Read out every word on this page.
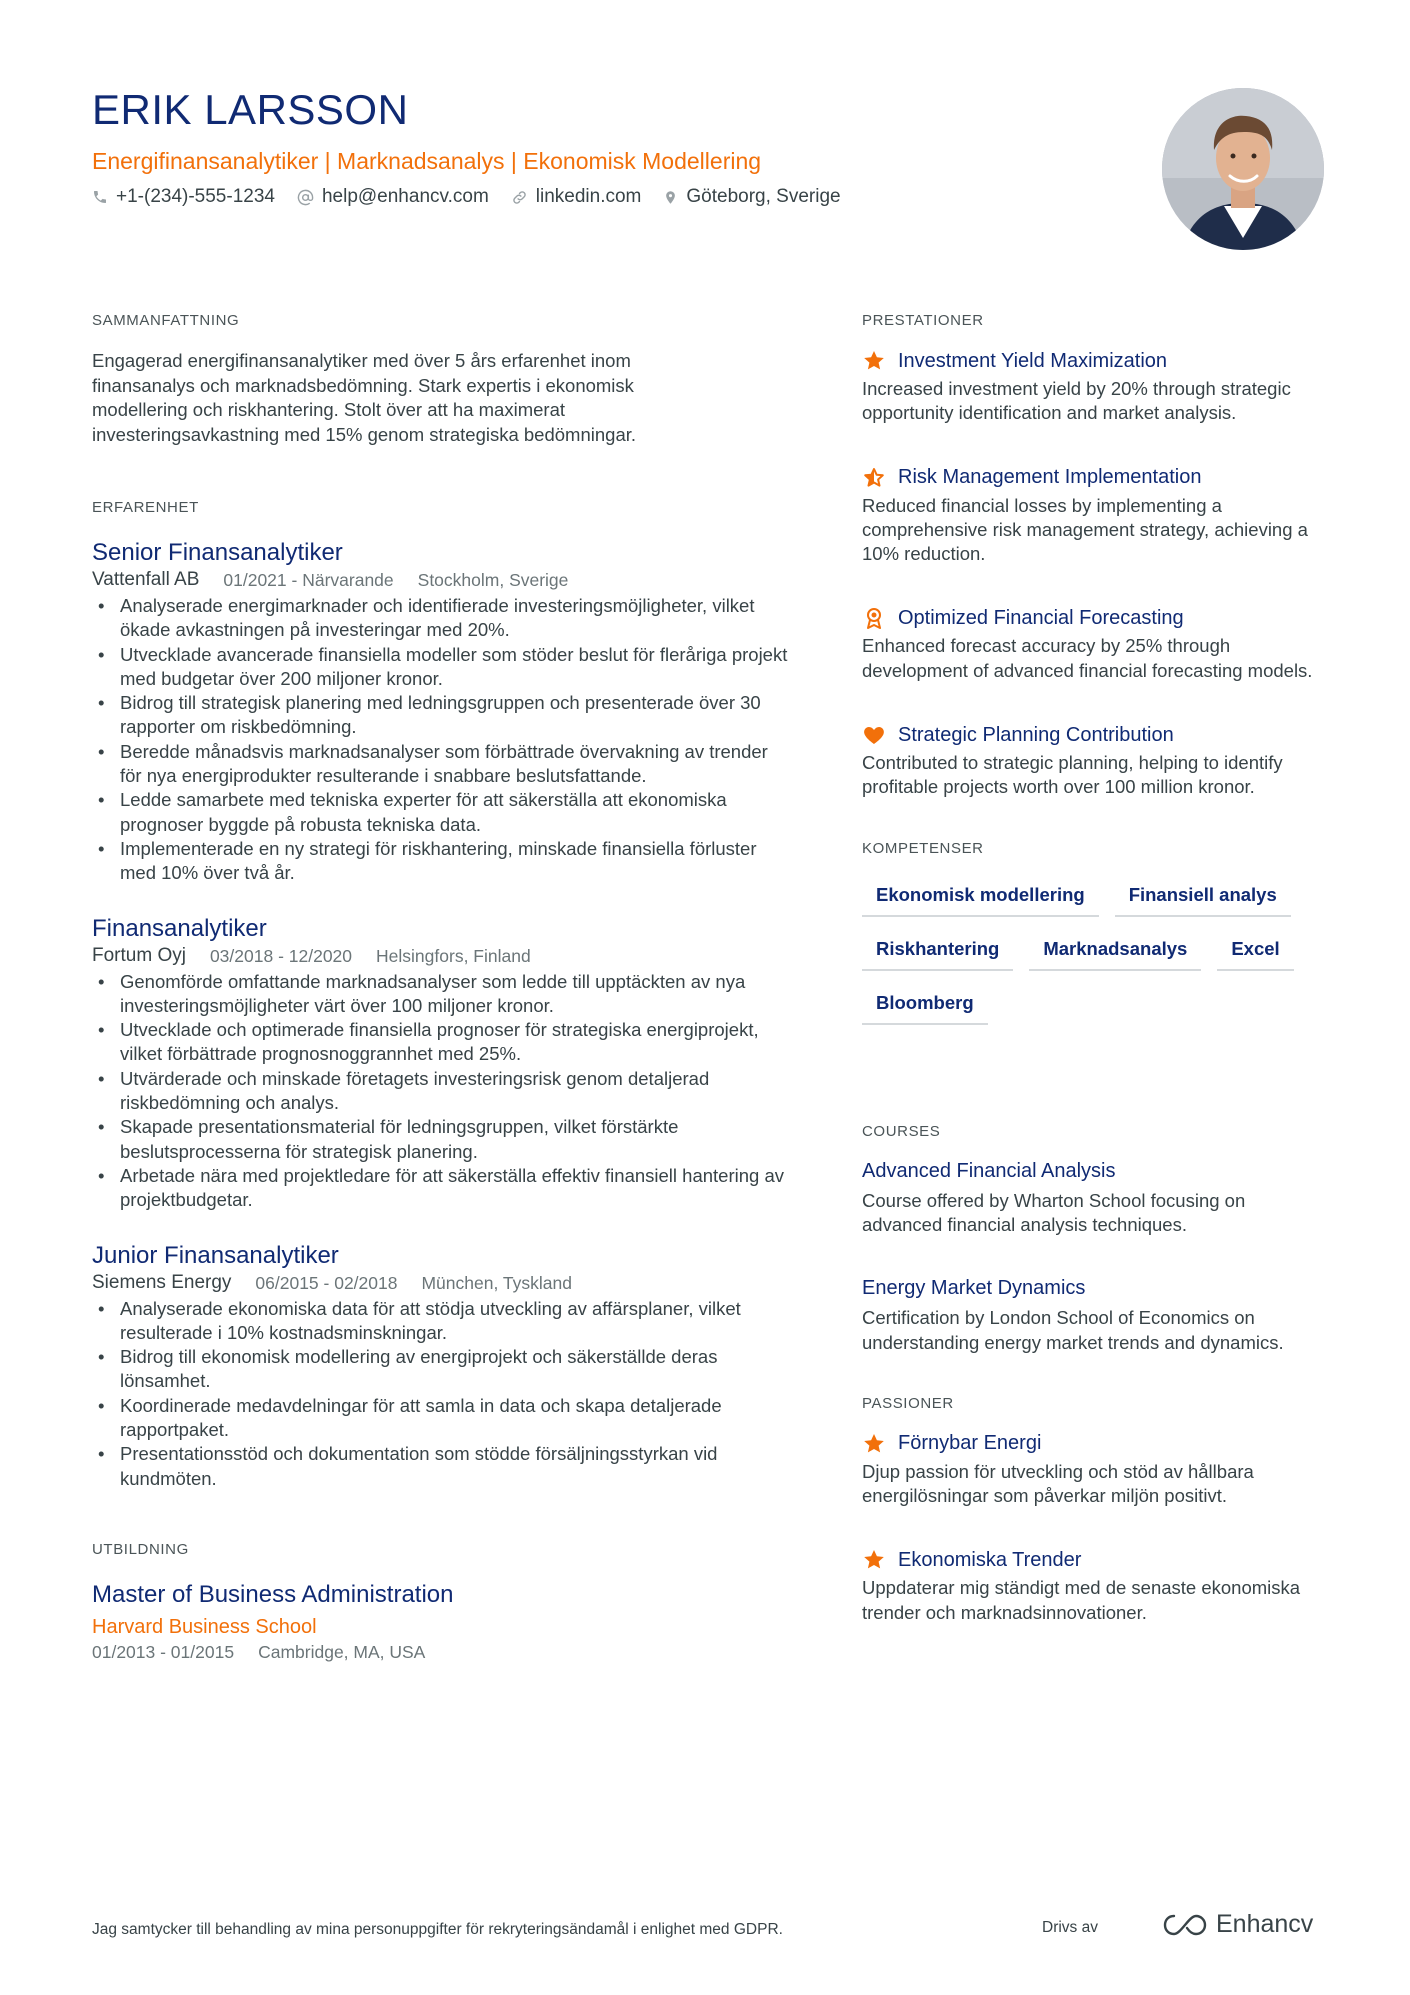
ERIK LARSSON
Energifinansanalytiker | Marknadsanalys | Ekonomisk Modellering
+1-(234)-555-1234 help@enhancv.com linkedin.com Göteborg, Sverige
SAMMANFATTNING
Engagerad energifinansanalytiker med över 5 års erfarenhet inom finansanalys och marknadsbedömning. Stark expertis i ekonomisk modellering och riskhantering. Stolt över att ha maximerat investeringsavkastning med 15% genom strategiska bedömningar.
ERFARENHET
Senior Finansanalytiker
Vattenfall AB 01/2021 - Närvarande Stockholm, Sverige
• Analyserade energimarknader och identifierade investeringsmöjligheter, vilket ökade avkastningen på investeringar med 20%.
• Utvecklade avancerade finansiella modeller som stöder beslut för fleråriga projekt med budgetar över 200 miljoner kronor.
• Bidrog till strategisk planering med ledningsgruppen och presenterade över 30 rapporter om riskbedömning.
• Beredde månadsvis marknadsanalyser som förbättrade övervakning av trender för nya energiprodukter resulterande i snabbare beslutsfattande.
• Ledde samarbete med tekniska experter för att säkerställa att ekonomiska prognoser byggde på robusta tekniska data.
• Implementerade en ny strategi för riskhantering, minskade finansiella förluster med 10% över två år.
Finansanalytiker
Fortum Oyj 03/2018 - 12/2020 Helsingfors, Finland
• Genomförde omfattande marknadsanalyser som ledde till upptäckten av nya investeringsmöjligheter värt över 100 miljoner kronor.
• Utvecklade och optimerade finansiella prognoser för strategiska energiprojekt, vilket förbättrade prognosnoggrannhet med 25%.
• Utvärderade och minskade företagets investeringsrisk genom detaljerad riskbedömning och analys.
• Skapade presentationsmaterial för ledningsgruppen, vilket förstärkte beslutsprocesserna för strategisk planering.
• Arbetade nära med projektledare för att säkerställa effektiv finansiell hantering av projektbudgetar.
Junior Finansanalytiker
Siemens Energy 06/2015 - 02/2018 München, Tyskland
• Analyserade ekonomiska data för att stödja utveckling av affärsplaner, vilket resulterade i 10% kostnadsminskningar.
• Bidrog till ekonomisk modellering av energiprojekt och säkerställde deras lönsamhet.
• Koordinerade medavdelningar för att samla in data och skapa detaljerade rapportpaket.
• Presentationsstöd och dokumentation som stödde försäljningsstyrkan vid kundmöten.
UTBILDNING
Master of Business Administration
Harvard Business School
01/2013 - 01/2015 Cambridge, MA, USA
PRESTATIONER
Investment Yield Maximization
Increased investment yield by 20% through strategic opportunity identification and market analysis.
Risk Management Implementation
Reduced financial losses by implementing a comprehensive risk management strategy, achieving a 10% reduction.
Optimized Financial Forecasting
Enhanced forecast accuracy by 25% through development of advanced financial forecasting models.
Strategic Planning Contribution
Contributed to strategic planning, helping to identify profitable projects worth over 100 million kronor.
KOMPETENSER
Ekonomisk modellering	Finansiell analys
Riskhantering	Marknadsanalys	Excel
Bloomberg
COURSES
Advanced Financial Analysis
Course offered by Wharton School focusing on advanced financial analysis techniques.
Energy Market Dynamics
Certification by London School of Economics on understanding energy market trends and dynamics.
PASSIONER
Förnybar Energi
Djup passion för utveckling och stöd av hållbara energilösningar som påverkar miljön positivt.
Ekonomiska Trender
Uppdaterar mig ständigt med de senaste ekonomiska trender och marknadsinnovationer.
Jag samtycker till behandling av mina personuppgifter för rekryteringsändamål i enlighet med GDPR.	Drivs av	Enhancv
